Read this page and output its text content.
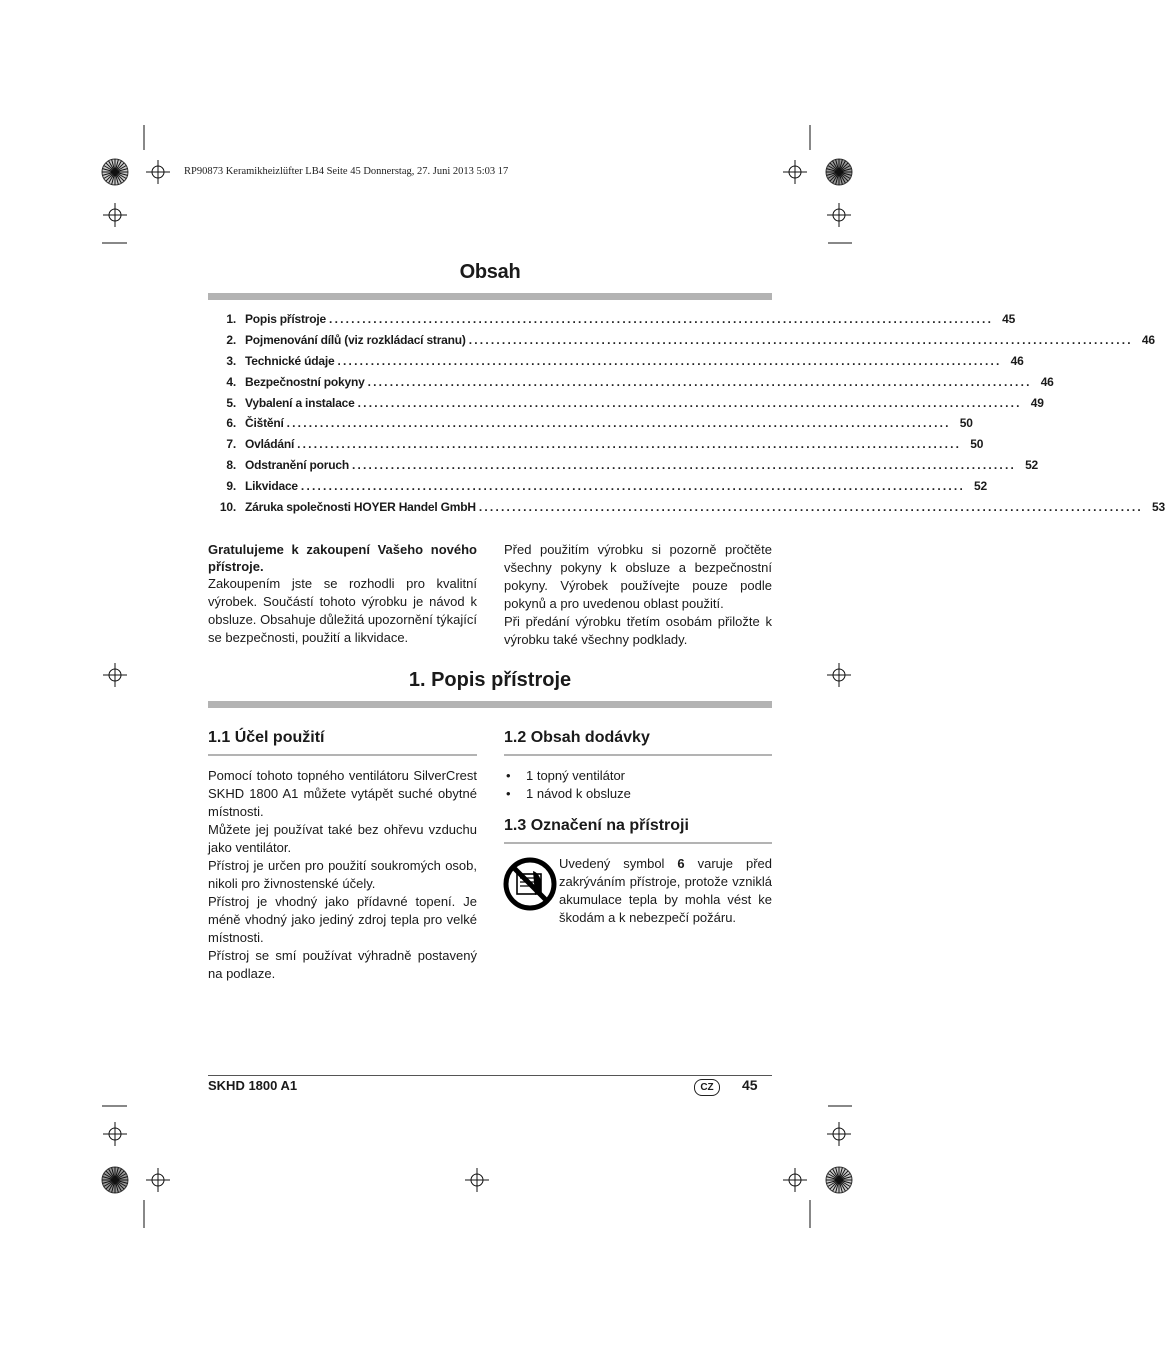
RP90873 Keramikheizlüfter LB4 Seite 45 Donnerstag, 27. Juni 2013 5:03 17
Obsah
1. Popis přístroje ........................................................................................................................ 45
2. Pojmenování dílů (viz rozkládací stranu) ........................................................................................................................ 46
3. Technické údaje ........................................................................................................................ 46
4. Bezpečnostní pokyny ........................................................................................................................ 46
5. Vybalení a instalace ........................................................................................................................ 49
6. Čištění ........................................................................................................................ 50
7. Ovládání ........................................................................................................................ 50
8. Odstranění poruch ........................................................................................................................ 52
9. Likvidace ........................................................................................................................ 52
10. Záruka společnosti HOYER Handel GmbH ........................................................................................................................ 53

Gratulujeme k zakoupení Vašeho nového přístroje.

Zakoupením jste se rozhodli pro kvalitní výrobek. Součástí tohoto výrobku je návod k obsluze. Obsahuje důležitá upozornění týkající se bezpečnosti, použití a likvidace.

Před použitím výrobku si pozorně pročtěte všechny pokyny k obsluze a bezpečnostní pokyny. Výrobek používejte pouze podle pokynů a pro uvedenou oblast použití.

Při předání výrobku třetím osobám přiložte k výrobku také všechny podklady.

1. Popis přístroje
1.1 Účel použití

Pomocí tohoto topného ventilátoru SilverCrest SKHD 1800 A1 můžete vytápět suché obytné místnosti.

Můžete jej používat také bez ohřevu vzduchu jako ventilátor.

Přístroj je určen pro použití soukromých osob, nikoli pro živnostenské účely.

Přístroj je vhodný jako přídavné topení. Je méně vhodný jako jediný zdroj tepla pro velké místnosti.

Přístroj se smí používat výhradně postavený na podlaze.

1.2 Obsah dodávky
• 1 topný ventilátor
• 1 návod k obsluze
1.3 Označení na přístroji
Uvedený symbol 6 varuje před zakrýváním přístroje, protože vzniklá akumulace tepla by mohla vést ke škodám a k nebezpečí požáru.
SKHD 1800 A1	CZ	45
